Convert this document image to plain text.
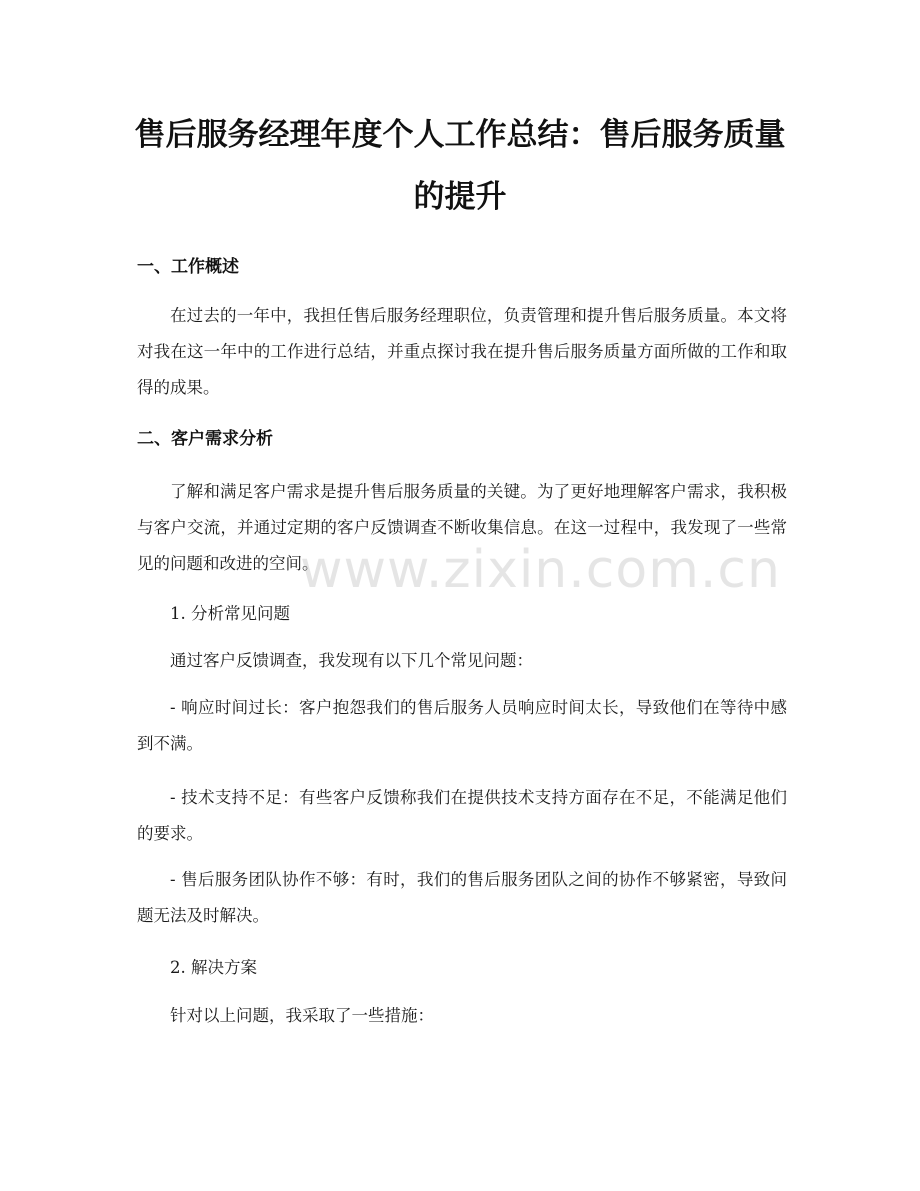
售后服务经理年度个人工作总结：售后服务质量的提升
一、工作概述

在过去的一年中，我担任售后服务经理职位，负责管理和提升售后服务质量。本文将对我在这一年中的工作进行总结，并重点探讨我在提升售后服务质量方面所做的工作和取得的成果。

二、客户需求分析

了解和满足客户需求是提升售后服务质量的关键。为了更好地理解客户需求，我积极与客户交流，并通过定期的客户反馈调查不断收集信息。在这一过程中，我发现了一些常见的问题和改进的空间。

1. 分析常见问题

通过客户反馈调查，我发现有以下几个常见问题：

- 响应时间过长：客户抱怨我们的售后服务人员响应时间太长，导致他们在等待中感到不满。

- 技术支持不足：有些客户反馈称我们在提供技术支持方面存在不足，不能满足他们的要求。

- 售后服务团队协作不够：有时，我们的售后服务团队之间的协作不够紧密，导致问题无法及时解决。

2. 解决方案

针对以上问题，我采取了一些措施：

www.zixin.com.cn
